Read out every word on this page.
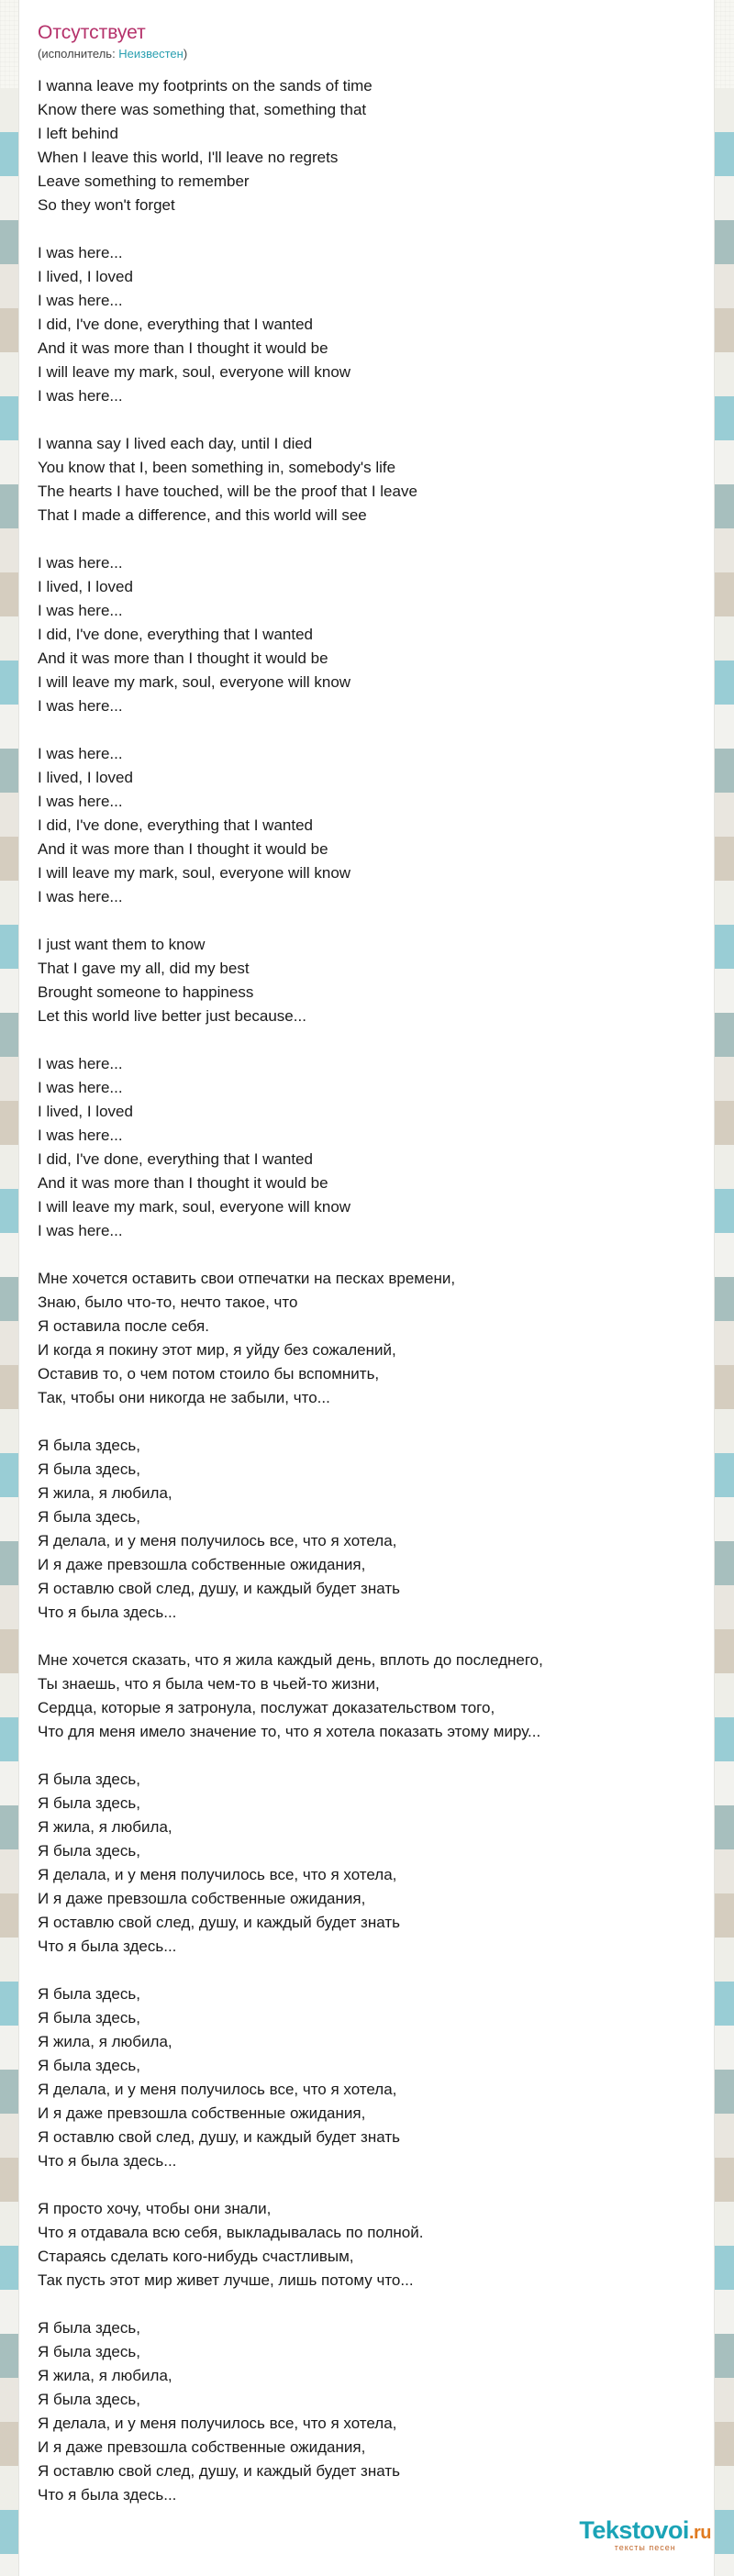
Отсутствует
(исполнитель: Неизвестен)
I wanna leave my footprints on the sands of time
Know there was something that, something that
I left behind
When I leave this world, I'll leave no regrets
Leave something to remember
So they won't forget
I was here...
I lived, I loved
I was here...
I did, I've done, everything that I wanted
And it was more than I thought it would be
I will leave my mark, soul, everyone will know
I was here...
I wanna say I lived each day, until I died
You know that I, been something in, somebody's life
The hearts I have touched, will be the proof that I leave
That I made a difference, and this world will see
I was here...
I lived, I loved
I was here...
I did, I've done, everything that I wanted
And it was more than I thought it would be
I will leave my mark, soul, everyone will know
I was here...
I was here...
I lived, I loved
I was here...
I did, I've done, everything that I wanted
And it was more than I thought it would be
I will leave my mark, soul, everyone will know
I was here...
I just want them to know
That I gave my all, did my best
Brought someone to happiness
Let this world live better just because...
I was here...
I was here...
I lived, I loved
I was here...
I did, I've done, everything that I wanted
And it was more than I thought it would be
I will leave my mark, soul, everyone will know
I was here...
Мне хочется оставить свои отпечатки на песках времени,
Знаю, было что-то, нечто такое, что
Я оставила после себя.
И когда я покину этот мир, я уйду без сожалений,
Оставив то, о чем потом стоило бы вспомнить,
Так, чтобы они никогда не забыли, что...
Я была здесь,
Я была здесь,
Я жила, я любила,
Я была здесь,
Я делала, и у меня получилось все, что я хотела,
И я даже превзошла собственные ожидания,
Я оставлю свой след, душу, и каждый будет знать
Что я была здесь...
Мне хочется сказать, что я жила каждый день, вплоть до последнего,
Ты знаешь, что я была чем-то в чьей-то жизни,
Сердца, которые я затронула, послужат доказательством того,
Что для меня имело значение то, что я хотела показать этому миру...
Я была здесь,
Я была здесь,
Я жила, я любила,
Я была здесь,
Я делала, и у меня получилось все, что я хотела,
И я даже превзошла собственные ожидания,
Я оставлю свой след, душу, и каждый будет знать
Что я была здесь...
Я была здесь,
Я была здесь,
Я жила, я любила,
Я была здесь,
Я делала, и у меня получилось все, что я хотела,
И я даже превзошла собственные ожидания,
Я оставлю свой след, душу, и каждый будет знать
Что я была здесь...
Я просто хочу, чтобы они знали,
Что я отдавала всю себя, выкладывалась по полной.
Стараясь сделать кого-нибудь счастливым,
Так пусть этот мир живет лучше, лишь потому что...
Я была здесь,
Я была здесь,
Я жила, я любила,
Я была здесь,
Я делала, и у меня получилось все, что я хотела,
И я даже превзошла собственные ожидания,
Я оставлю свой след, душу, и каждый будет знать
Что я была здесь...
Tekstovoi.ru
тексты песен
